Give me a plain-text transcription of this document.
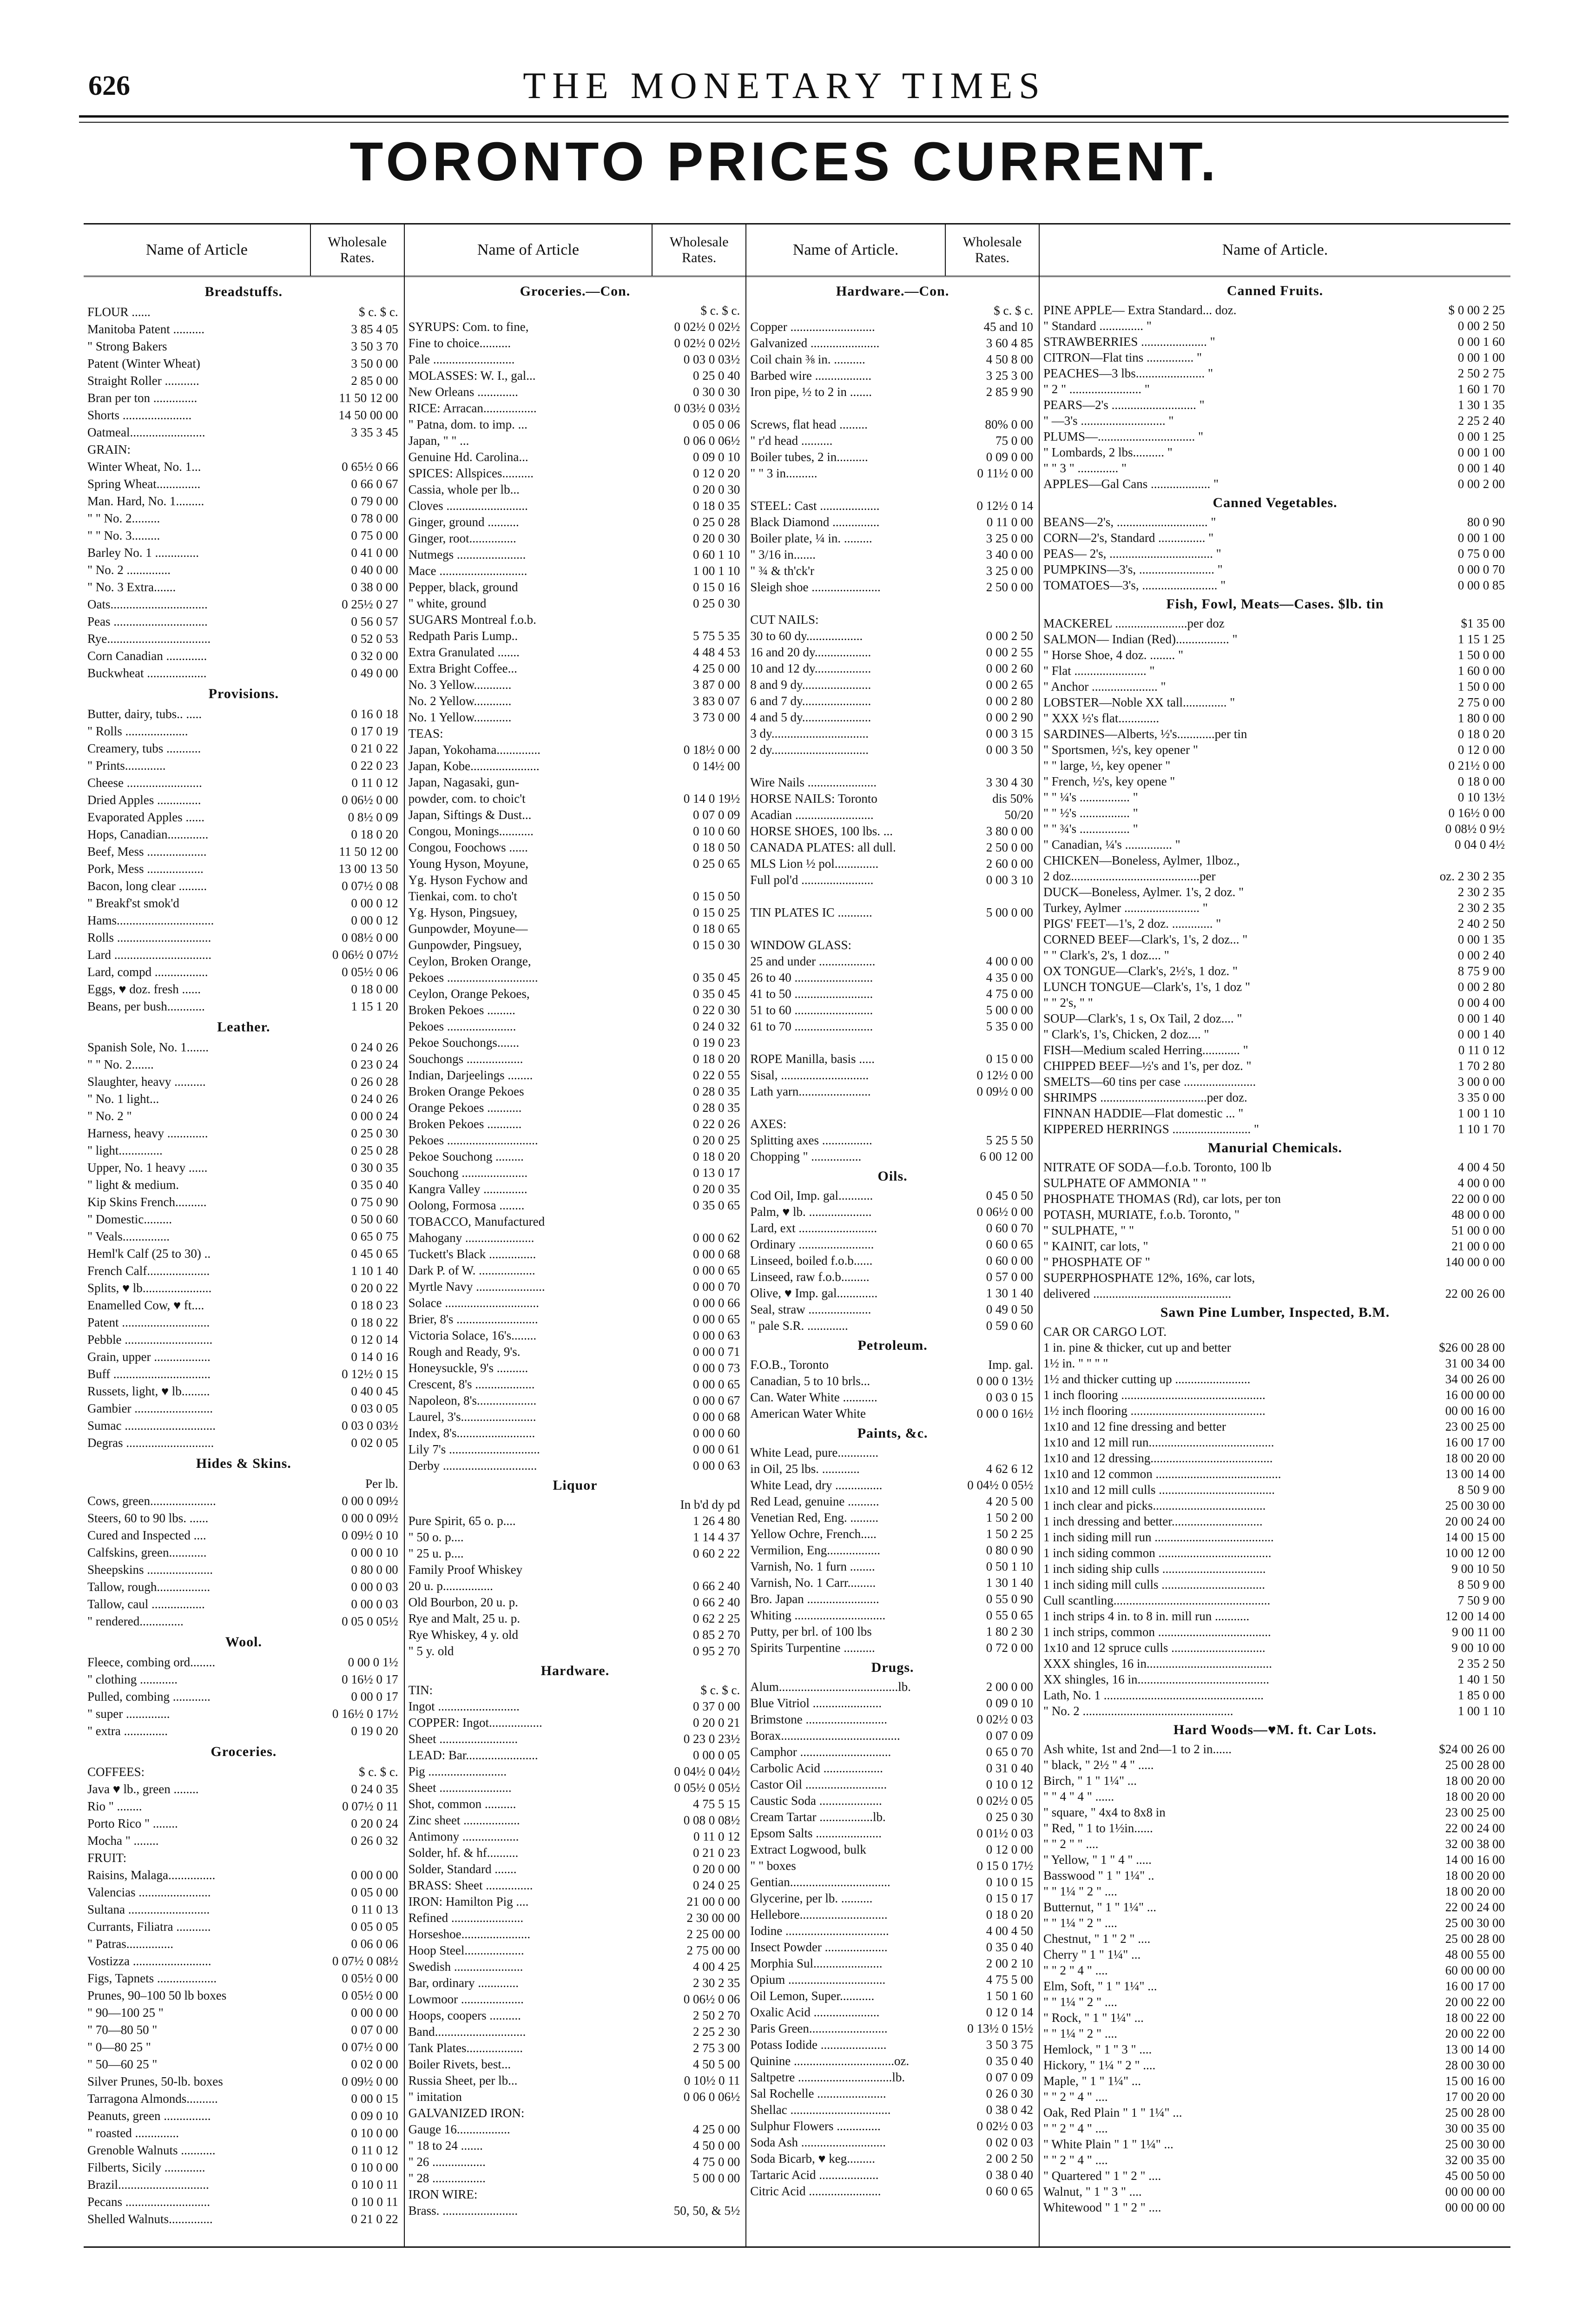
626	THE MONETARY TIMES
TORONTO PRICES CURRENT.
Name of Article	Wholesale
Rates.
Breadstuffs.
FLOUR ......	$ c. $ c.
Manitoba Patent ..........	3 85 4 05
" Strong Bakers	3 50 3 70
Patent (Winter Wheat)	3 50 0 00
Straight Roller ...........	2 85 0 00
Bran per ton ..............	11 50 12 00
Shorts ......................	14 50 00 00
Oatmeal........................	3 35 3 45
GRAIN:
Winter Wheat, No. 1...	0 65½ 0 66
Spring Wheat..............	0 66 0 67
Man. Hard, No. 1.........	0 79 0 00
" " No. 2.........	0 78 0 00
" " No. 3.........	0 75 0 00
Barley No. 1 ..............	0 41 0 00
" No. 2 ..............	0 40 0 00
" No. 3 Extra.......	0 38 0 00
Oats...............................	0 25½ 0 27
Peas ..............................	0 56 0 57
Rye.................................	0 52 0 53
Corn Canadian .............	0 32 0 00
Buckwheat ...................	0 49 0 00
Provisions.
Butter, dairy, tubs.. .....	0 16 0 18
" Rolls ....................	0 17 0 19
Creamery, tubs ...........	0 21 0 22
" Prints.............	0 22 0 23
Cheese ........................	0 11 0 12
Dried Apples ..............	0 06½ 0 00
Evaporated Apples ......	0 8½ 0 09
Hops, Canadian.............	0 18 0 20
Beef, Mess ...................	11 50 12 00
Pork, Mess ..................	13 00 13 50
Bacon, long clear .........	0 07½ 0 08
" Breakf'st smok'd	0 00 0 12
Hams...............................	0 00 0 12
Rolls ..............................	0 08½ 0 00
Lard ...............................	0 06½ 0 07½
Lard, compd .................	0 05½ 0 06
Eggs, ♥ doz. fresh ......	0 18 0 00
Beans, per bush............	1 15 1 20
Leather.
Spanish Sole, No. 1.......	0 24 0 26
" " No. 2.......	0 23 0 24
Slaughter, heavy ..........	0 26 0 28
" No. 1 light...	0 24 0 26
" No. 2 "	0 00 0 24
Harness, heavy .............	0 25 0 30
" light..............	0 25 0 28
Upper, No. 1 heavy ......	0 30 0 35
" light & medium.	0 35 0 40
Kip Skins French..........	0 75 0 90
" Domestic.........	0 50 0 60
" Veals...............	0 65 0 75
Heml'k Calf (25 to 30) ..	0 45 0 65
French Calf....................	1 10 1 40
Splits, ♥ lb......................	0 20 0 22
Enamelled Cow, ♥ ft....	0 18 0 23
Patent ............................	0 18 0 22
Pebble ............................	0 12 0 14
Grain, upper ..................	0 14 0 16
Buff ...............................	0 12½ 0 15
Russets, light, ♥ lb.........	0 40 0 45
Gambier .........................	0 03 0 05
Sumac .............................	0 03 0 03½
Degras ............................	0 02 0 05
Hides & Skins.
Per lb.
Cows, green.....................	0 00 0 09½
Steers, 60 to 90 lbs. ......	0 00 0 09½
Cured and Inspected ....	0 09½ 0 10
Calfskins, green............	0 00 0 10
Sheepskins .....................	0 80 0 00
Tallow, rough.................	0 00 0 03
Tallow, caul .................	0 00 0 03
" rendered..............	0 05 0 05½
Wool.
Fleece, combing ord........	0 00 0 1½
" clothing ............	0 16½ 0 17
Pulled, combing ............	0 00 0 17
" super ..............	0 16½ 0 17½
" extra ..............	0 19 0 20
Groceries.
COFFEES:	$ c. $ c.
Java ♥ lb., green ........	0 24 0 35
Rio " ........	0 07½ 0 11
Porto Rico " ........	0 20 0 24
Mocha " ........	0 26 0 32
FRUIT:
Raisins, Malaga...............	0 00 0 00
Valencias .......................	0 05 0 00
Sultana ..........................	0 11 0 13
Currants, Filiatra ...........	0 05 0 05
" Patras...............	0 06 0 06
Vostizza .........................	0 07½ 0 08½
Figs, Tapnets ...................	0 05½ 0 00
Prunes, 90–100 50 lb boxes	0 05½ 0 00
" 90—100 25 "	0 00 0 00
" 70—80 50 "	0 07 0 00
" 0—80 25 "	0 07½ 0 00
" 50—60 25 "	0 02 0 00
Silver Prunes, 50-lb. boxes	0 09½ 0 00
Tarragona Almonds..........	0 00 0 15
Peanuts, green ...............	0 09 0 10
" roasted ..............	0 10 0 00
Grenoble Walnuts ...........	0 11 0 12
Filberts, Sicily .............	0 10 0 00
Brazil.............................	0 10 0 11
Pecans ...........................	0 10 0 11
Shelled Walnuts..............	0 21 0 22
Name of Article	Wholesale
Rates.
Groceries.—Con.
$ c. $ c.
SYRUPS: Com. to fine,	0 02½ 0 02½
Fine to choice..........	0 02½ 0 02½
Pale ..........................	0 03 0 03½
MOLASSES: W. I., gal...	0 25 0 40
New Orleans .............	0 30 0 30
RICE: Arracan.................	0 03½ 0 03½
" Patna, dom. to imp. ...	0 05 0 06
Japan, " " ...	0 06 0 06½
Genuine Hd. Carolina...	0 09 0 10
SPICES: Allspices..........	0 12 0 20
Cassia, whole per lb...	0 20 0 30
Cloves ..........................	0 18 0 35
Ginger, ground ..........	0 25 0 28
Ginger, root...............	0 20 0 30
Nutmegs ......................	0 60 1 10
Mace ............................	1 00 1 10
Pepper, black, ground	0 15 0 16
" white, ground	0 25 0 30
SUGARS Montreal f.o.b.
Redpath Paris Lump..	5 75 5 35
Extra Granulated .......	4 48 4 53
Extra Bright Coffee...	4 25 0 00
No. 3 Yellow............	3 87 0 00
No. 2 Yellow............	3 83 0 07
No. 1 Yellow............	3 73 0 00
TEAS:
Japan, Yokohama..............	0 18½ 0 00
Japan, Kobe......................	0 14½ 00
Japan, Nagasaki, gun-
powder, com. to choic't	0 14 0 19½
Japan, Siftings & Dust...	0 07 0 09
Congou, Monings...........	0 10 0 60
Congou, Foochows ......	0 18 0 50
Young Hyson, Moyune,	0 25 0 65
Yg. Hyson Fychow and
Tienkai, com. to cho't	0 15 0 50
Yg. Hyson, Pingsuey,	0 15 0 25
Gunpowder, Moyune—	0 18 0 65
Gunpowder, Pingsuey,	0 15 0 30
Ceylon, Broken Orange,
Pekoes .............................	0 35 0 45
Ceylon, Orange Pekoes,	0 35 0 45
Broken Pekoes .........	0 22 0 30
Pekoes ......................	0 24 0 32
Pekoe Souchongs.......	0 19 0 23
Souchongs ..................	0 18 0 20
Indian, Darjeelings ........	0 22 0 55
Broken Orange Pekoes	0 28 0 35
Orange Pekoes ...........	0 28 0 35
Broken Pekoes ...........	0 22 0 26
Pekoes .............................	0 20 0 25
Pekoe Souchong .........	0 18 0 20
Souchong .....................	0 13 0 17
Kangra Valley ..............	0 20 0 35
Oolong, Formosa ........	0 35 0 65
TOBACCO, Manufactured
Mahogany ......................	0 00 0 62
Tuckett's Black ...............	0 00 0 68
Dark P. of W. ..................	0 00 0 65
Myrtle Navy ......................	0 00 0 70
Solace ..............................	0 00 0 66
Brier, 8's ..........................	0 00 0 65
Victoria Solace, 16's........	0 00 0 63
Rough and Ready, 9's.	0 00 0 71
Honeysuckle, 9's ..........	0 00 0 73
Crescent, 8's ...................	0 00 0 65
Napoleon, 8's...................	0 00 0 67
Laurel, 3's........................	0 00 0 68
Index, 8's.........................	0 00 0 60
Lily 7's .............................	0 00 0 61
Derby ..............................	0 00 0 63
Liquor
In b'd dy pd
Pure Spirit, 65 o. p....	1 26 4 80
" 50 o. p....	1 14 4 37
" 25 u. p....	0 60 2 22
Family Proof Whiskey
20 u. p................	0 66 2 40
Old Bourbon, 20 u. p.	0 66 2 40
Rye and Malt, 25 u. p.	0 62 2 25
Rye Whiskey, 4 y. old	0 85 2 70
" 5 y. old	0 95 2 70
Hardware.
TIN:	$ c. $ c.
Ingot ..........................	0 37 0 00
COPPER: Ingot.................	0 20 0 21
Sheet .........................	0 23 0 23½
LEAD: Bar.......................	0 00 0 05
Pig .........................	0 04½ 0 04½
Sheet .......................	0 05½ 0 05½
Shot, common ..........	4 75 5 15
Zinc sheet ..................	0 08 0 08½
Antimony ..................	0 11 0 12
Solder, hf. & hf..........	0 21 0 23
Solder, Standard .......	0 20 0 00
BRASS: Sheet ...............	0 24 0 25
IRON: Hamilton Pig ....	21 00 0 00
Refined .......................	2 30 00 00
Horseshoe......................	2 25 00 00
Hoop Steel...................	2 75 00 00
Swedish ......................	4 00 4 25
Bar, ordinary .............	2 30 2 35
Lowmoor ....................	0 06½ 0 06
Hoops, coopers ..........	2 50 2 70
Band.............................	2 25 2 30
Tank Plates..................	2 75 3 00
Boiler Rivets, best...	4 50 5 00
Russia Sheet, per lb...	0 10½ 0 11
" imitation	0 06 0 06½
GALVANIZED IRON:
Gauge 16.................	4 25 0 00
" 18 to 24 .......	4 50 0 00
" 26 .................	4 75 0 00
" 28 .................	5 00 0 00
IRON WIRE:
Brass. ........................	50, 50, & 5½
Name of Article.	Wholesale
Rates.
Hardware.—Con.
$ c. $ c.
Copper ...........................	45 and 10
Galvanized ......................	3 60 4 85
Coil chain ⅜ in. ..........	4 50 8 00
Barbed wire ..................	3 25 3 00
Iron pipe, ½ to 2 in .......	2 85 9 90
Screws, flat head .........	80% 0 00
" r'd head ..........	75 0 00
Boiler tubes, 2 in..........	0 09 0 00
" " 3 in..........	0 11½ 0 00
STEEL: Cast ...................	0 12½ 0 14
Black Diamond ...............	0 11 0 00
Boiler plate, ¼ in. .........	3 25 0 00
" 3/16 in.......	3 40 0 00
" ¾ & th'ck'r	3 25 0 00
Sleigh shoe ......................	2 50 0 00
CUT NAILS:
30 to 60 dy..................	0 00 2 50
16 and 20 dy..................	0 00 2 55
10 and 12 dy..................	0 00 2 60
8 and 9 dy......................	0 00 2 65
6 and 7 dy......................	0 00 2 80
4 and 5 dy......................	0 00 2 90
3 dy...............................	0 00 3 15
2 dy...............................	0 00 3 50
Wire Nails ......................	3 30 4 30
HORSE NAILS: Toronto	dis 50%
Acadian .........................	50/20
HORSE SHOES, 100 lbs. ...	3 80 0 00
CANADA PLATES: all dull.	2 50 0 00
MLS Lion ½ pol..............	2 60 0 00
Full pol'd .......................	0 00 3 10
TIN PLATES IC ...........	5 00 0 00
WINDOW GLASS:
25 and under ..................	4 00 0 00
26 to 40 .........................	4 35 0 00
41 to 50 .........................	4 75 0 00
51 to 60 .........................	5 00 0 00
61 to 70 .........................	5 35 0 00
ROPE Manilla, basis .....	0 15 0 00
Sisal, ............................	0 12½ 0 00
Lath yarn.......................	0 09½ 0 00
AXES:
Splitting axes ................	5 25 5 50
Chopping " ................	6 00 12 00
Oils.
Cod Oil, Imp. gal...........	0 45 0 50
Palm, ♥ lb. ....................	0 06½ 0 00
Lard, ext .........................	0 60 0 70
Ordinary ........................	0 60 0 65
Linseed, boiled f.o.b......	0 60 0 00
Linseed, raw f.o.b.........	0 57 0 00
Olive, ♥ Imp. gal.............	1 30 1 40
Seal, straw ....................	0 49 0 50
" pale S.R. .............	0 59 0 60
Petroleum.
F.O.B., Toronto	Imp. gal.
Canadian, 5 to 10 brls...	0 00 0 13½
Can. Water White ...........	0 03 0 15
American Water White	0 00 0 16½
Paints, &c.
White Lead, pure.............
in Oil, 25 lbs. ............	4 62 6 12
White Lead, dry ...............	0 04½ 0 05½
Red Lead, genuine ..........	4 20 5 00
Venetian Red, Eng. .........	1 50 2 00
Yellow Ochre, French.....	1 50 2 25
Vermilion, Eng.................	0 80 0 90
Varnish, No. 1 furn ........	0 50 1 10
Varnish, No. 1 Carr.........	1 30 1 40
Bro. Japan .......................	0 55 0 90
Whiting .............................	0 55 0 65
Putty, per brl. of 100 lbs	1 80 2 30
Spirits Turpentine ..........	0 72 0 00
Drugs.
Alum......................................lb.	2 00 0 00
Blue Vitriol ......................	0 09 0 10
Brimstone ..........................	0 02½ 0 03
Borax......................................	0 07 0 09
Camphor .............................	0 65 0 70
Carbolic Acid ...................	0 31 0 40
Castor Oil ..........................	0 10 0 12
Caustic Soda ....................	0 02½ 0 05
Cream Tartar .................lb.	0 25 0 30
Epsom Salts .....................	0 01½ 0 03
Extract Logwood, bulk	0 12 0 00
" " boxes	0 15 0 17½
Gentian................................	0 10 0 15
Glycerine, per lb. ..........	0 15 0 17
Hellebore............................	0 18 0 20
Iodine .................................	4 00 4 50
Insect Powder ....................	0 35 0 40
Morphia Sul......................	2 00 2 10
Opium ...............................	4 75 5 00
Oil Lemon, Super...........	1 50 1 60
Oxalic Acid .....................	0 12 0 14
Paris Green.........................	0 13½ 0 15½
Potass Iodide .....................	3 50 3 75
Quinine ................................oz.	0 35 0 40
Saltpetre ..............................lb.	0 07 0 09
Sal Rochelle ......................	0 26 0 30
Shellac ................................	0 38 0 42
Sulphur Flowers ..............	0 02½ 0 03
Soda Ash ...........................	0 02 0 03
Soda Bicarb, ♥ keg.........	2 00 2 50
Tartaric Acid ...................	0 38 0 40
Citric Acid .......................	0 60 0 65
Name of Article.
Canned Fruits.
PINE APPLE— Extra Standard... doz.	$ 0 00 2 25
" Standard .............. "	0 00 2 50
STRAWBERRIES ..................... "	0 00 1 60
CITRON—Flat tins ............... "	0 00 1 00
PEACHES—3 lbs...................... "	2 50 2 75
" 2 " ....................... "	1 60 1 70
PEARS—2's ........................... "	1 30 1 35
" —3's ........................... "	2 25 2 40
PLUMS—............................... "	0 00 1 25
" Lombards, 2 lbs.......... "	0 00 1 00
" " 3 " ............. "	0 00 1 40
APPLES—Gal Cans ................... "	0 00 2 00
Canned Vegetables.
BEANS—2's, ............................. "	80 0 90
CORN—2's, Standard ............... "	0 00 1 00
PEAS— 2's, ................................. "	0 75 0 00
PUMPKINS—3's, ........................ "	0 00 0 70
TOMATOES—3's, ........................ "	0 00 0 85
Fish, Fowl, Meats—Cases. $lb. tin
MACKEREL .......................per doz	$1 35 00
SALMON— Indian (Red)................. "	1 15 1 25
" Horse Shoe, 4 doz. ........ "	1 50 0 00
" Flat ....................... "	1 60 0 00
" Anchor ..................... "	1 50 0 00
LOBSTER—Noble XX tall.............. "	2 75 0 00
" XXX ½'s flat.............	1 80 0 00
SARDINES—Alberts, ½'s............per tin	0 18 0 20
" Sportsmen, ½'s, key opener "	0 12 0 00
" " large, ½, key opener "	0 21½ 0 00
" French, ½'s, key opene "	0 18 0 00
" " ¼'s ................ "	0 10 13½
" " ½'s ................ "	0 16½ 0 00
" " ¾'s ................ "	0 08½ 0 9½
" Canadian, ¼'s ............... "	0 04 0 4½
CHICKEN—Boneless, Aylmer, 1lboz.,
2 doz.........................................per	oz. 2 30 2 35
DUCK—Boneless, Aylmer. 1's, 2 doz. "	2 30 2 35
Turkey, Aylmer ........................ "	2 30 2 35
PIGS' FEET—1's, 2 doz. ............. "	2 40 2 50
CORNED BEEF—Clark's, 1's, 2 doz... "	0 00 1 35
" " Clark's, 2's, 1 doz.... "	0 00 2 40
OX TONGUE—Clark's, 2½'s, 1 doz. "	8 75 9 00
LUNCH TONGUE—Clark's, 1's, 1 doz "	0 00 2 80
" " 2's, " "	0 00 4 00
SOUP—Clark's, 1 s, Ox Tail, 2 doz.... "	0 00 1 40
" Clark's, 1's, Chicken, 2 doz.... "	0 00 1 40
FISH—Medium scaled Herring............ "	0 11 0 12
CHIPPED BEEF—½'s and 1's, per doz. "	1 70 2 80
SMELTS—60 tins per case .......................	3 00 0 00
SHRIMPS ..................................per doz.	3 35 0 00
FINNAN HADDIE—Flat domestic ... "	1 00 1 10
KIPPERED HERRINGS ......................... "	1 10 1 70
Manurial Chemicals.
NITRATE OF SODA—f.o.b. Toronto, 100 lb	4 00 4 50
SULPHATE OF AMMONIA " "	4 00 0 00
PHOSPHATE THOMAS (Rd), car lots, per ton	22 00 0 00
POTASH, MURIATE, f.o.b. Toronto, "	48 00 0 00
" SULPHATE, " "	51 00 0 00
" KAINIT, car lots, "	21 00 0 00
" PHOSPHATE OF "	140 00 0 00
SUPERPHOSPHATE 12%, 16%, car lots,
delivered ............................................	22 00 26 00
Sawn Pine Lumber, Inspected, B.M.
CAR OR CARGO LOT.
1 in. pine & thicker, cut up and better	$26 00 28 00
1½ in. " " " "	31 00 34 00
1½ and thicker cutting up ........................	34 00 26 00
1 inch flooring ..............................................	16 00 00 00
1½ inch flooring ...........................................	00 00 16 00
1x10 and 12 fine dressing and better	23 00 25 00
1x10 and 12 mill run........................................	16 00 17 00
1x10 and 12 dressing.......................................	18 00 20 00
1x10 and 12 common ........................................	13 00 14 00
1x10 and 12 mill culls .....................................	8 50 9 00
1 inch clear and picks....................................	25 00 30 00
1 inch dressing and better.............................	20 00 24 00
1 inch siding mill run ......................................	14 00 15 00
1 inch siding common ....................................	10 00 12 00
1 inch siding ship culls .................................	9 00 10 50
1 inch siding mill culls .................................	8 50 9 00
Cull scantling..................................................	7 50 9 00
1 inch strips 4 in. to 8 in. mill run ...........	12 00 14 00
1 inch strips, common ....................................	9 00 11 00
1x10 and 12 spruce culls ..............................	9 00 10 00
XXX shingles, 16 in........................................	2 35 2 50
XX shingles, 16 in..........................................	1 40 1 50
Lath, No. 1 ...................................................	1 85 0 00
" No. 2 ................................................	1 00 1 10
Hard Woods—♥M. ft. Car Lots.
Ash white, 1st and 2nd—1 to 2 in......	$24 00 26 00
" black, " 2½ " 4 " .....	25 00 28 00
Birch, " 1 " 1¼" ...	18 00 20 00
" " 4 " 4 " ......	18 00 20 00
" square, " 4x4 to 8x8 in	23 00 25 00
" Red, " 1 to 1½in......	22 00 24 00
" " 2 " " ....	32 00 38 00
" Yellow, " 1 " 4 " .....	14 00 16 00
Basswood " 1 " 1¼" ..	18 00 20 00
" " 1¼ " 2 " ....	18 00 20 00
Butternut, " 1 " 1¼" ...	22 00 24 00
" " 1¼ " 2 " ....	25 00 30 00
Chestnut, " 1 " 2 " ....	25 00 28 00
Cherry " 1 " 1¼" ...	48 00 55 00
" " 2 " 4 " ....	60 00 00 00
Elm, Soft, " 1 " 1¼" ...	16 00 17 00
" " 1¼ " 2 " ....	20 00 22 00
" Rock, " 1 " 1¼" ...	18 00 22 00
" " 1¼ " 2 " ....	20 00 22 00
Hemlock, " 1 " 3 " ....	13 00 14 00
Hickory, " 1¼ " 2 " ....	28 00 30 00
Maple, " 1 " 1¼" ...	15 00 16 00
" " 2 " 4 " ....	17 00 20 00
Oak, Red Plain " 1 " 1¼" ...	25 00 28 00
" " 2 " 4 " ....	30 00 35 00
" White Plain " 1 " 1¼" ...	25 00 30 00
" " 2 " 4 " ....	32 00 35 00
" Quartered " 1 " 2 " ....	45 00 50 00
Walnut, " 1 " 3 " ....	00 00 00 00
Whitewood " 1 " 2 " ....	00 00 00 00
